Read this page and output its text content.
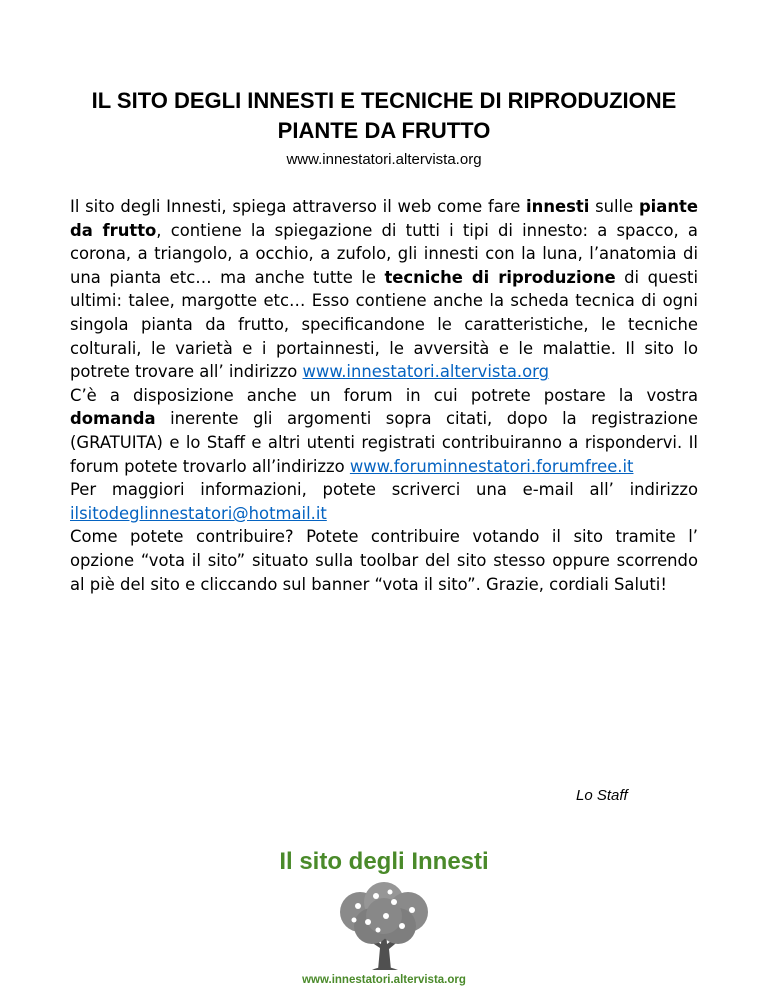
IL SITO DEGLI INNESTI E TECNICHE DI RIPRODUZIONE
PIANTE DA FRUTTO
www.innestatori.altervista.org

Il sito degli Innesti, spiega attraverso il web come fare innesti sulle piante da frutto, contiene la spiegazione di tutti i tipi di innesto: a spacco, a corona, a triangolo, a occhio, a zufolo, gli innesti con la luna, l’anatomia di una pianta etc… ma anche tutte le tecniche di riproduzione di questi ultimi: talee, margotte etc… Esso contiene anche la scheda tecnica di ogni singola pianta da frutto, specificandone le caratteristiche, le tecniche colturali, le varietà e i portainnesti, le avversità e le malattie. Il sito lo potrete trovare all’ indirizzo www.innestatori.altervista.org

C’è a disposizione anche un forum in cui potrete postare la vostra domanda inerente gli argomenti sopra citati, dopo la registrazione (GRATUITA) e lo Staff e altri utenti registrati contribuiranno a rispondervi. Il forum potete trovarlo all’indirizzo www.foruminnestatori.forumfree.it

Per maggiori informazioni, potete scriverci una e-mail all’ indirizzo ilsitodeglinnestatori@hotmail.it

Come potete contribuire? Potete contribuire votando il sito tramite l’ opzione “vota il sito” situato sulla toolbar del sito stesso oppure scorrendo al piè del sito e cliccando sul banner “vota il sito”. Grazie, cordiali Saluti!

Lo Staff
Il sito degli Innesti
www.innestatori.altervista.org
